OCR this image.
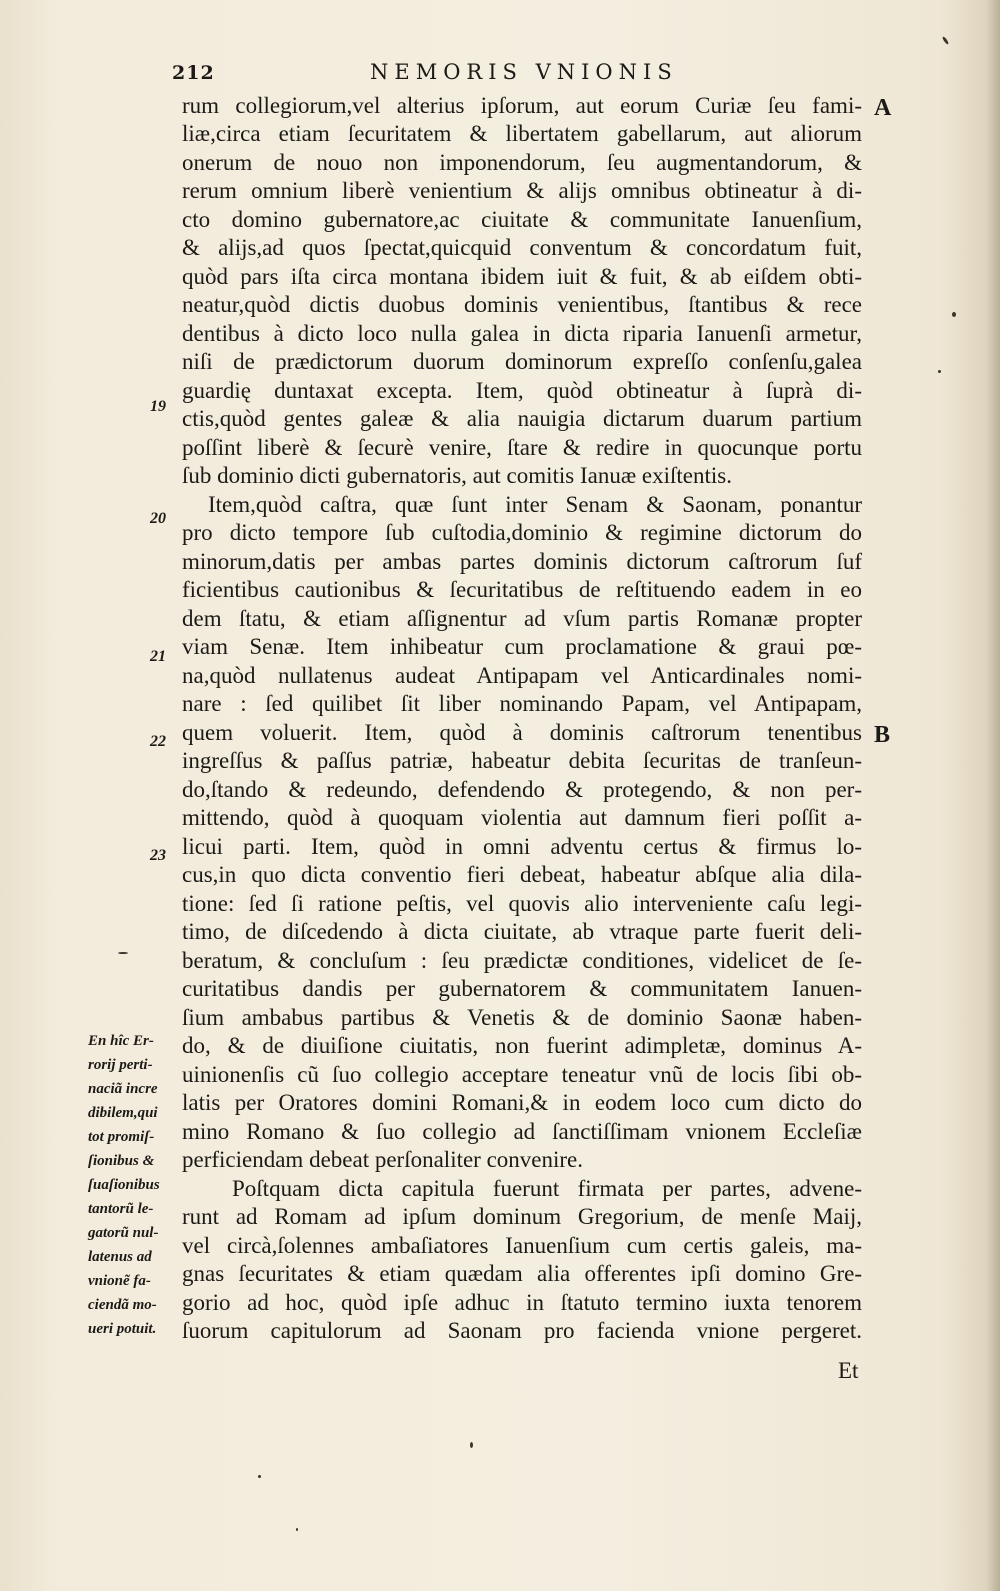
212	NEMORIS VNIONIS
A
B
19
20
21
22
23
rum collegiorum,vel alterius ipſorum, aut eorum Curiæ ſeu fami‑
liæ,circa etiam ſecuritatem & libertatem gabellarum, aut aliorum
onerum de nouo non imponendorum, ſeu augmentandorum, &
rerum omnium liberè venientium & alijs omnibus obtineatur à di‑
cto domino gubernatore,ac ciuitate & communitate Ianuenſium,
& alijs,ad quos ſpectat,quicquid conventum & concordatum fuit,
quòd pars iſta circa montana ibidem iuit & fuit, & ab eiſdem obti‑
neatur,quòd dictis duobus dominis venientibus, ſtantibus & rece
dentibus à dicto loco nulla galea in dicta riparia Ianuenſi armetur,
niſi de prædictorum duorum dominorum expreſſo conſenſu,galea
guardię duntaxat excepta. Item, quòd obtineatur à ſuprà di‑
ctis,quòd gentes galeæ & alia nauigia dictarum duarum partium
poſſint liberè & ſecurè venire, ſtare & redire in quocunque portu
ſub dominio dicti gubernatoris, aut comitis Ianuæ exiſtentis.
Item,quòd caſtra, quæ ſunt inter Senam & Saonam, ponantur
pro dicto tempore ſub cuſtodia,dominio & regimine dictorum do
minorum,datis per ambas partes dominis dictorum caſtrorum ſuf
ficientibus cautionibus & ſecuritatibus de reſtituendo eadem in eo
dem ſtatu, & etiam aſſignentur ad vſum partis Romanæ propter
viam Senæ. Item inhibeatur cum proclamatione & graui pœ‑
na,quòd nullatenus audeat Antipapam vel Anticardinales nomi‑
nare : ſed quilibet ſit liber nominando Papam, vel Antipapam,
quem voluerit. Item, quòd à dominis caſtrorum tenentibus
ingreſſus & paſſus patriæ, habeatur debita ſecuritas de tranſeun‑
do,ſtando & redeundo, defendendo & protegendo, & non per‑
mittendo, quòd à quoquam violentia aut damnum fieri poſſit a‑
licui parti. Item, quòd in omni adventu certus & firmus lo‑
cus,in quo dicta conventio fieri debeat, habeatur abſque alia dila‑
tione: ſed ſi ratione peſtis, vel quovis alio interveniente caſu legi‑
timo, de diſcedendo à dicta ciuitate, ab vtraque parte fuerit deli‑
beratum, & concluſum : ſeu prædictæ conditiones, videlicet de ſe‑
curitatibus dandis per gubernatorem & communitatem Ianuen‑
ſium ambabus partibus & Venetis & de dominio Saonæ haben‑
do, & de diuiſione ciuitatis, non fuerint adimpletæ, dominus A‑
uinionenſis cũ ſuo collegio acceptare teneatur vnũ de locis ſibi ob‑
latis per Oratores domini Romani,& in eodem loco cum dicto do
mino Romano & ſuo collegio ad ſanctiſſimam vnionem Eccleſiæ
perficiendam debeat perſonaliter convenire.
Poſtquam dicta capitula fuerunt firmata per partes, advene‑
runt ad Romam ad ipſum dominum Gregorium, de menſe Maij,
vel circà,ſolennes ambaſiatores Ianuenſium cum certis galeis, ma‑
gnas ſecuritates & etiam quædam alia offerentes ipſi domino Gre‑
gorio ad hoc, quòd ipſe adhuc in ſtatuto termino iuxta tenorem
ſuorum capitulorum ad Saonam pro facienda vnione pergeret.
Et
En hîc Er‑
rorij perti‑
naciã incre
dibilem,qui
tot promiſ‑
ſionibus &
ſuaſionibus
tantorũ le‑
gatorũ nul‑
latenus ad
vnionẽ fa‑
ciendã mo‑
ueri potuit.
